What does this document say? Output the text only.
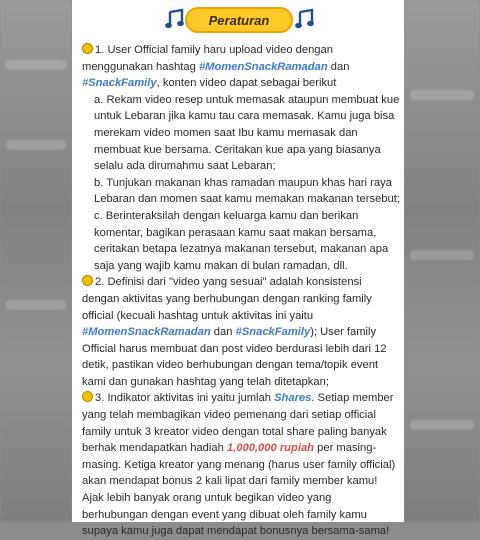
Peraturan

1. User Official family haru upload video dengan menggunakan hashtag #MomenSnackRamadan dan #SnackFamily, konten video dapat sebagai berikut

a. Rekam video resep untuk memasak ataupun membuat kue untuk Lebaran jika kamu tau cara memasak. Kamu juga bisa merekam video momen saat Ibu kamu memasak dan membuat kue bersama. Ceritakan kue apa yang biasanya selalu ada dirumahmu saat Lebaran;

b. Tunjukan makanan khas ramadan maupun khas hari raya Lebaran dan momen saat kamu memakan makanan tersebut;

c. Berinteraksilah dengan keluarga kamu dan berikan komentar, bagikan perasaan kamu saat makan bersama, ceritakan betapa lezatnya makanan tersebut, makanan apa saja yang wajib kamu makan di bulan ramadan, dll.

2. Definisi dari "video yang sesuai" adalah konsistensi dengan aktivitas yang berhubungan dengan ranking family official (kecuali hashtag untuk aktivitas ini yaitu #MomenSnackRamadan dan #SnackFamily); User family Official harus membuat dan post video berdurasi lebih dari 12 detik, pastikan video berhubungan dengan tema/topik event kami dan gunakan hashtag yang telah ditetapkan;

3. Indikator aktivitas ini yaitu jumlah Shares. Setiap member yang telah membagikan video pemenang dari setiap official family untuk 3 kreator video dengan total share paling banyak berhak mendapatkan hadiah 1,000,000 rupiah per masing-masing. Ketiga kreator yang menang (harus user family official) akan mendapat bonus 2 kali lipat dari family member kamu! Ajak lebih banyak orang untuk begikan video yang berhubungan dengan event yang dibuat oleh family kamu supaya kamu juga dapat mendapat bonusnya bersama-sama!
